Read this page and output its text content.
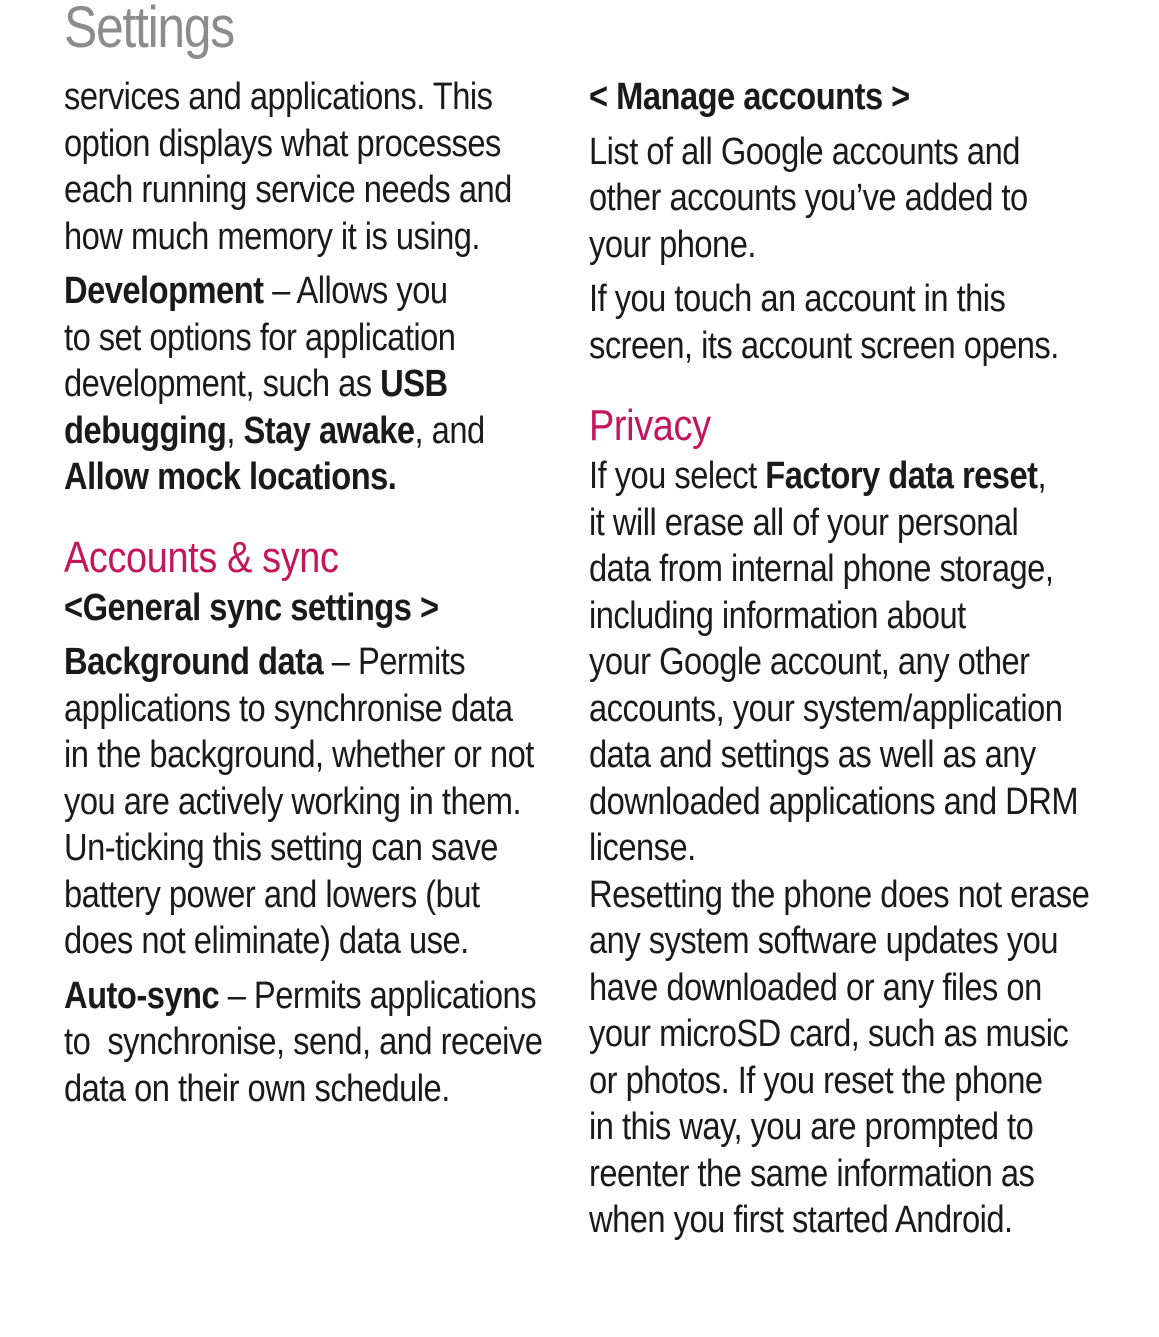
Settings

services and applications. This
option displays what processes
each running service needs and
how much memory it is using.

Development – Allows you
to set options for application
development, such as USB
debugging, Stay awake, and
Allow mock locations.

Accounts & sync

<General sync settings >

Background data – Permits
applications to synchronise data
in the background, whether or not
you are actively working in them.
Un-ticking this setting can save
battery power and lowers (but
does not eliminate) data use.

Auto-sync – Permits applications
to  synchronise, send, and receive
data on their own schedule.

< Manage accounts >

List of all Google accounts and
other accounts you’ve added to
your phone.

If you touch an account in this
screen, its account screen opens.

Privacy

If you select Factory data reset,
it will erase all of your personal
data from internal phone storage,
including information about
your Google account, any other
accounts, your system/application
data and settings as well as any
downloaded applications and DRM
license.
Resetting the phone does not erase
any system software updates you
have downloaded or any files on
your microSD card, such as music
or photos. If you reset the phone
in this way, you are prompted to
reenter the same information as
when you first started Android.
